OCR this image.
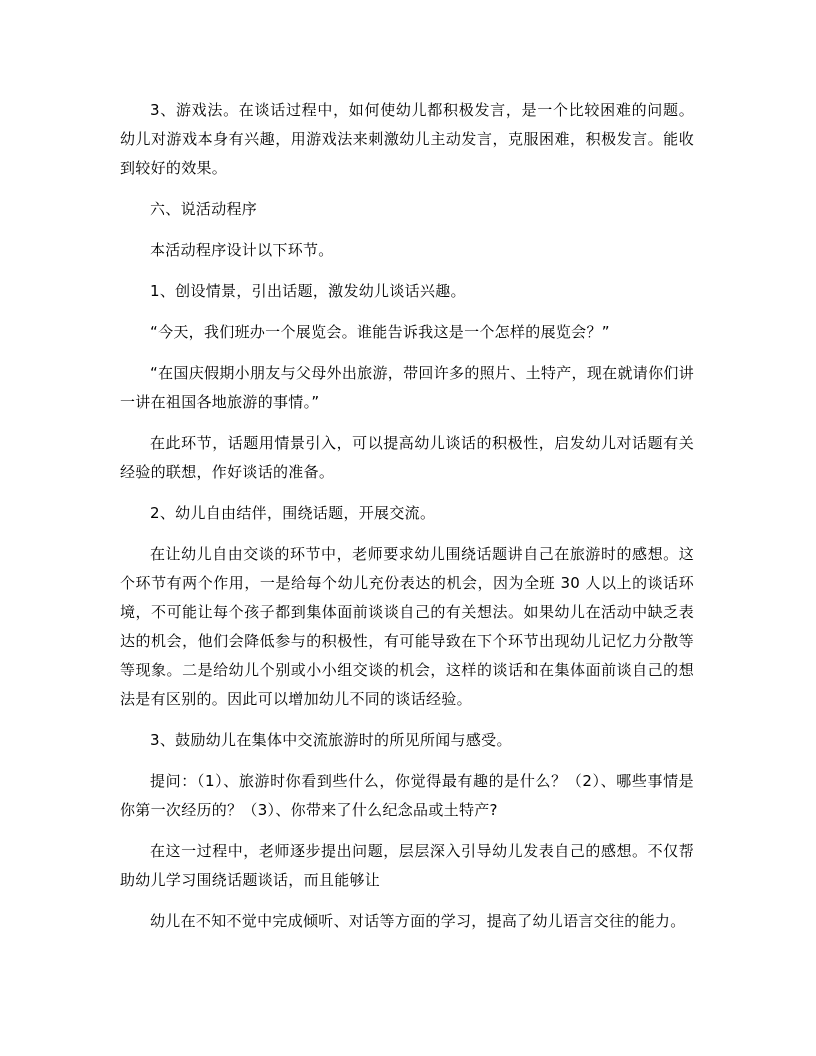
3、游戏法。在谈话过程中，如何使幼儿都积极发言，是一个比较困难的问题。幼儿对游戏本身有兴趣，用游戏法来刺激幼儿主动发言，克服困难，积极发言。能收到较好的效果。

六、说活动程序

本活动程序设计以下环节。

1、创设情景，引出话题，激发幼儿谈话兴趣。

“今天，我们班办一个展览会。谁能告诉我这是一个怎样的展览会？”

“在国庆假期小朋友与父母外出旅游，带回许多的照片、土特产，现在就请你们讲一讲在祖国各地旅游的事情。”

在此环节，话题用情景引入，可以提高幼儿谈话的积极性，启发幼儿对话题有关经验的联想，作好谈话的准备。

2、幼儿自由结伴，围绕话题，开展交流。

在让幼儿自由交谈的环节中，老师要求幼儿围绕话题讲自己在旅游时的感想。这个环节有两个作用，一是给每个幼儿充份表达的机会，因为全班 30 人以上的谈话环境，不可能让每个孩子都到集体面前谈谈自己的有关想法。如果幼儿在活动中缺乏表达的机会，他们会降低参与的积极性，有可能导致在下个环节出现幼儿记忆力分散等等现象。二是给幼儿个别或小小组交谈的机会，这样的谈话和在集体面前谈自己的想法是有区别的。因此可以增加幼儿不同的谈话经验。

3、鼓励幼儿在集体中交流旅游时的所见所闻与感受。

提问：（1）、旅游时你看到些什么，你觉得最有趣的是什么？（2）、哪些事情是你第一次经历的？（3）、你带来了什么纪念品或土特产?

在这一过程中，老师逐步提出问题，层层深入引导幼儿发表自己的感想。不仅帮助幼儿学习围绕话题谈话，而且能够让

幼儿在不知不觉中完成倾听、对话等方面的学习，提高了幼儿语言交往的能力。
